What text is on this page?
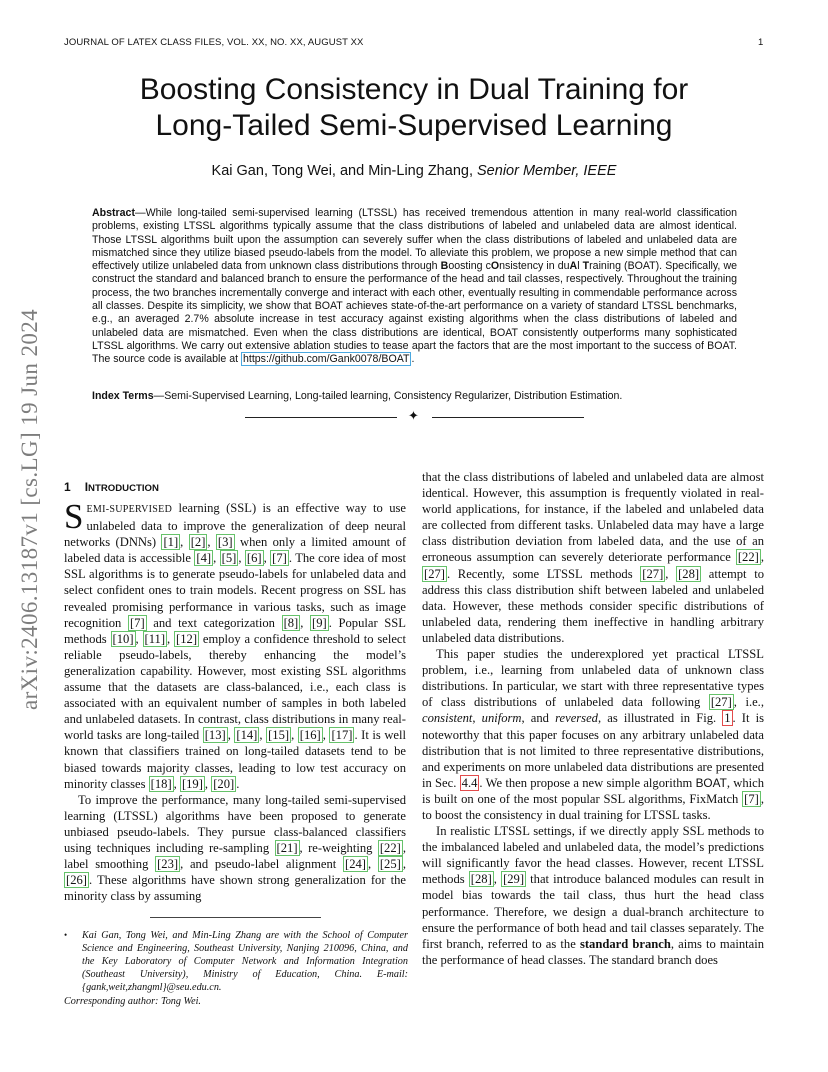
JOURNAL OF LATEX CLASS FILES, VOL. XX, NO. XX, AUGUST XX	1
arXiv:2406.13187v1 [cs.LG] 19 Jun 2024
Boosting Consistency in Dual Training for
Long-Tailed Semi-Supervised Learning
Kai Gan, Tong Wei, and Min-Ling Zhang, Senior Member, IEEE
Abstract—While long-tailed semi-supervised learning (LTSSL) has received tremendous attention in many real-world classification problems, existing LTSSL algorithms typically assume that the class distributions of labeled and unlabeled data are almost identical. Those LTSSL algorithms built upon the assumption can severely suffer when the class distributions of labeled and unlabeled data are mismatched since they utilize biased pseudo-labels from the model. To alleviate this problem, we propose a new simple method that can effectively utilize unlabeled data from unknown class distributions through Boosting cOnsistency in duAl Training (BOAT). Specifically, we construct the standard and balanced branch to ensure the performance of the head and tail classes, respectively. Throughout the training process, the two branches incrementally converge and interact with each other, eventually resulting in commendable performance across all classes. Despite its simplicity, we show that BOAT achieves state-of-the-art performance on a variety of standard LTSSL benchmarks, e.g., an averaged 2.7% absolute increase in test accuracy against existing algorithms when the class distributions of labeled and unlabeled data are mismatched. Even when the class distributions are identical, BOAT consistently outperforms many sophisticated LTSSL algorithms. We carry out extensive ablation studies to tease apart the factors that are the most important to the success of BOAT. The source code is available at https://github.com/Gank0078/BOAT .
Index Terms—Semi-Supervised Learning, Long-tailed learning, Consistency Regularizer, Distribution Estimation.
✦
1 INTRODUCTION

SEMI-SUPERVISED learning (SSL) is an effective way to use unlabeled data to improve the generalization of deep neural networks (DNNs) [1] , [2] , [3] when only a limited amount of labeled data is accessible [4] , [5] , [6] , [7] . The core idea of most SSL algorithms is to generate pseudo-labels for unlabeled data and select confident ones to train models. Recent progress on SSL has revealed promising performance in various tasks, such as image recognition [7] and text categorization [8] , [9] . Popular SSL methods [10] , [11] , [12] employ a confidence threshold to select reliable pseudo-labels, thereby enhancing the model’s generalization capability. However, most existing SSL algorithms assume that the datasets are class-balanced, i.e., each class is associated with an equivalent number of samples in both labeled and unlabeled datasets. In contrast, class distributions in many real-world tasks are long-tailed [13] , [14] , [15] , [16] , [17] . It is well known that classifiers trained on long-tailed datasets tend to be biased towards majority classes, leading to low test accuracy on minority classes [18] , [19] , [20] .

To improve the performance, many long-tailed semi-supervised learning (LTSSL) algorithms have been proposed to generate unbiased pseudo-labels. They pursue class-balanced classifiers using techniques including re-sampling [21] , re-weighting [22] , label smoothing [23] , and pseudo-label alignment [24] , [25] , [26] . These algorithms have shown strong generalization for the minority class by assuming

that the class distributions of labeled and unlabeled data are almost identical. However, this assumption is frequently violated in real-world applications, for instance, if the labeled and unlabeled data are collected from different tasks. Unlabeled data may have a large class distribution deviation from labeled data, and the use of an erroneous assumption can severely deteriorate performance [22] , [27] . Recently, some LTSSL methods [27] , [28] attempt to address this class distribution shift between labeled and unlabeled data. However, these methods consider specific distributions of unlabeled data, rendering them ineffective in handling arbitrary unlabeled data distributions.

This paper studies the underexplored yet practical LTSSL problem, i.e., learning from unlabeled data of unknown class distributions. In particular, we start with three representative types of class distributions of unlabeled data following [27] , i.e., consistent, uniform, and reversed, as illustrated in Fig. 1 . It is noteworthy that this paper focuses on any arbitrary unlabeled data distribution that is not limited to three representative distributions, and experiments on more unlabeled data distributions are presented in Sec. 4.4 . We then propose a new simple algorithm BOAT, which is built on one of the most popular SSL algorithms, FixMatch [7] , to boost the consistency in dual training for LTSSL tasks.

In realistic LTSSL settings, if we directly apply SSL methods to the imbalanced labeled and unlabeled data, the model’s predictions will significantly favor the head classes. However, recent LTSSL methods [28] , [29] that introduce balanced modules can result in model bias towards the tail class, thus hurt the head class performance. Therefore, we design a dual-branch architecture to ensure the performance of both head and tail classes separately. The first branch, referred to as the standard branch, aims to maintain the performance of head classes. The standard branch does

•	Kai Gan, Tong Wei, and Min-Ling Zhang are with the School of Computer Science and Engineering, Southeast University, Nanjing 210096, China, and the Key Laboratory of Computer Network and Information Integration (Southeast University), Ministry of Education, China. E-mail: {gank,weit,zhangml}@seu.edu.cn.
Corresponding author: Tong Wei.
